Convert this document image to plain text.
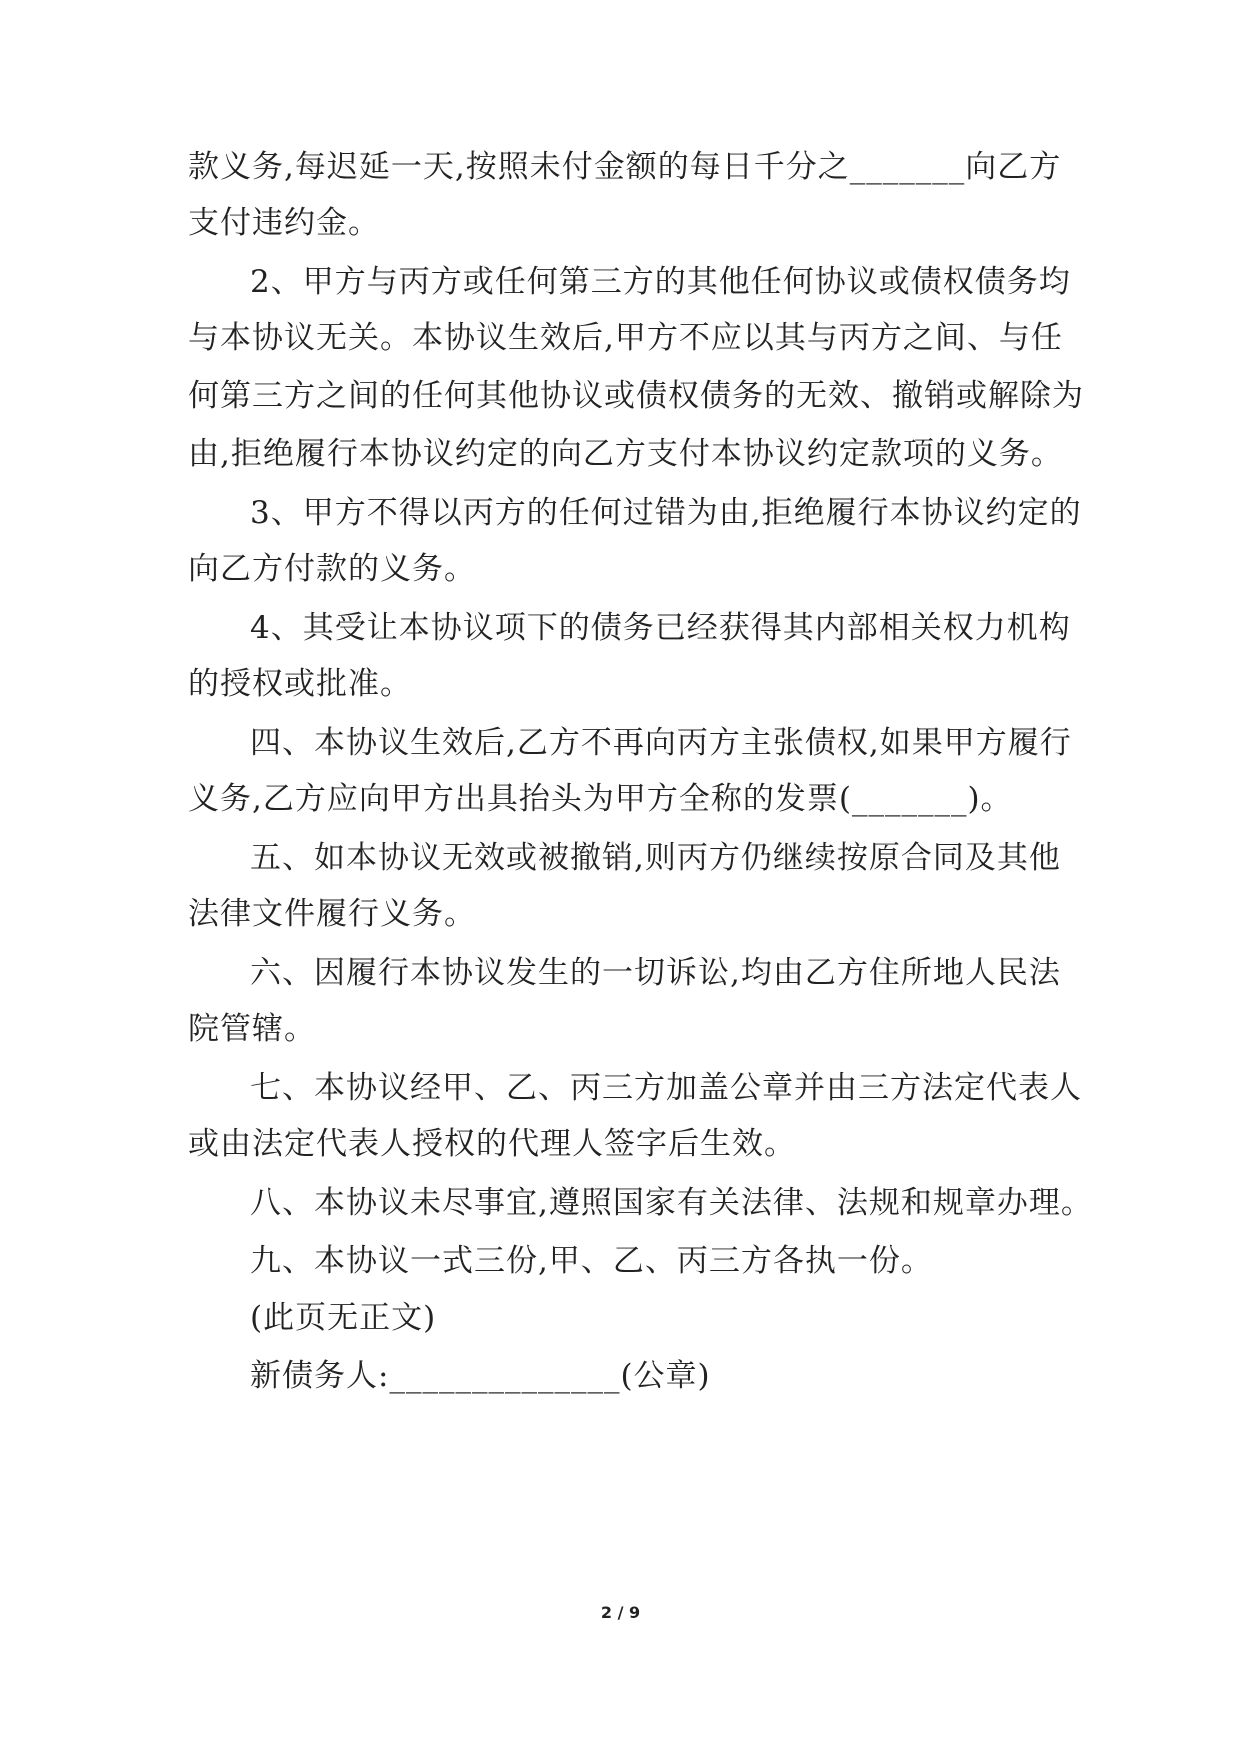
款义务,每迟延一天,按照未付金额的每日千分之_______向乙方
支付违约金。
2、甲方与丙方或任何第三方的其他任何协议或债权债务均
与本协议无关。本协议生效后,甲方不应以其与丙方之间、与任
何第三方之间的任何其他协议或债权债务的无效、撤销或解除为
由,拒绝履行本协议约定的向乙方支付本协议约定款项的义务。
3、甲方不得以丙方的任何过错为由,拒绝履行本协议约定的
向乙方付款的义务。
4、其受让本协议项下的债务已经获得其内部相关权力机构
的授权或批准。
四、本协议生效后,乙方不再向丙方主张债权,如果甲方履行
义务,乙方应向甲方出具抬头为甲方全称的发票(_______)。
五、如本协议无效或被撤销,则丙方仍继续按原合同及其他
法律文件履行义务。
六、因履行本协议发生的一切诉讼,均由乙方住所地人民法
院管辖。
七、本协议经甲、乙、丙三方加盖公章并由三方法定代表人
或由法定代表人授权的代理人签字后生效。
八、本协议未尽事宜,遵照国家有关法律、法规和规章办理。
九、本协议一式三份,甲、乙、丙三方各执一份。
(此页无正文)
新债务人:______________(公章)
2 / 9
